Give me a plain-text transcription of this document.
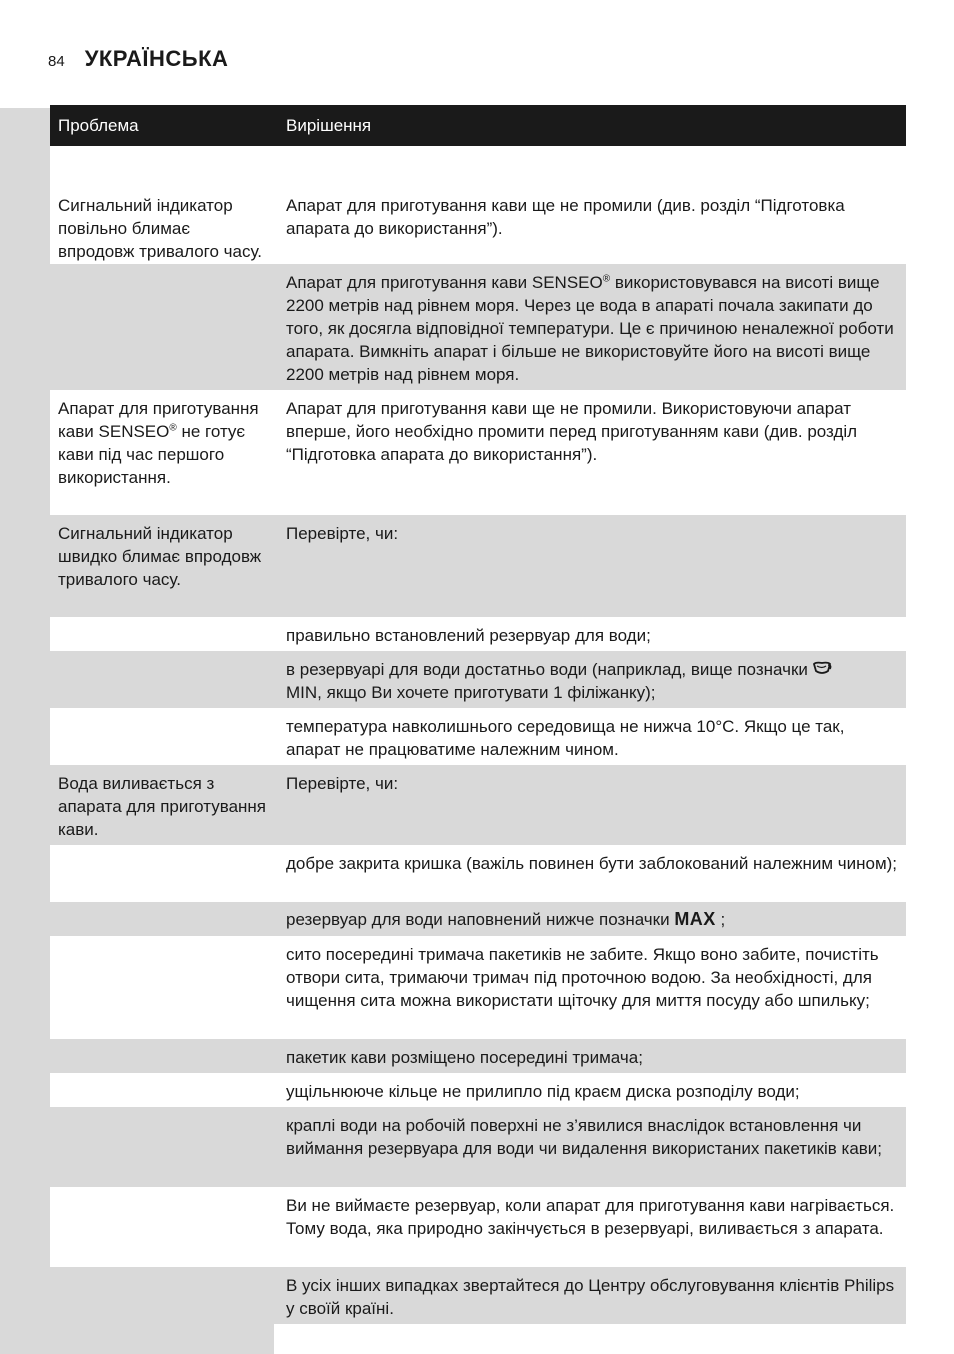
84 УКРАЇНСЬКА
Проблема	Вирішення
Сигнальний індикатор повільно блимає впродовж тривалого часу.	Апарат для приготування кави ще не промили (див. розділ “Підготовка апарата до використання”).
	Апарат для приготування кави SENSEO® використовувався на висоті вище 2200 метрів над рівнем моря. Через це вода в апараті почала закипати до того, як досягла відповідної температури. Це є причиною неналежної роботи апарата. Вимкніть апарат і більше не використовуйте його на висоті вище 2200 метрів над рівнем моря.
Апарат для приготування кави SENSEO® не готує кави під час першого використання.	Апарат для приготування кави ще не промили. Використовуючи апарат вперше, його необхідно промити перед приготуванням кави (див. розділ “Підготовка апарата до використання”).
Сигнальний індикатор швидко блимає впродовж тривалого часу.	Перевірте, чи:
	правильно встановлений резервуар для води;
	в резервуарі для води достатньо води (наприклад, вище позначки
MIN, якщо Ви хочете приготувати 1 філіжанку);
	температура навколишнього середовища не нижча 10°C. Якщо це так, апарат не працюватиме належним чином.
Вода виливається з апарата для приготування кави.	Перевірте, чи:
	добре закрита кришка (важіль повинен бути заблокований належним чином);
	резервуар для води наповнений нижче позначки MAX ;
	сито посередині тримача пакетиків не забите. Якщо воно забите, почистіть отвори сита, тримаючи тримач під проточною водою. За необхідності, для чищення сита можна використати щіточку для миття посуду або шпильку;
	пакетик кави розміщено посередині тримача;
	ущільнююче кільце не прилипло під краєм диска розподілу води;
	краплі води на робочій поверхні не з’явилися внаслідок встановлення чи виймання резервуара для води чи видалення використаних пакетиків кави;
	Ви не виймаєте резервуар, коли апарат для приготування кави нагрівається. Тому вода, яка природно закінчується в резервуарі, виливається з апарата.
	В усіх інших випадках звертайтеся до Центру обслуговування клієнтів Philips у своїй країні.
